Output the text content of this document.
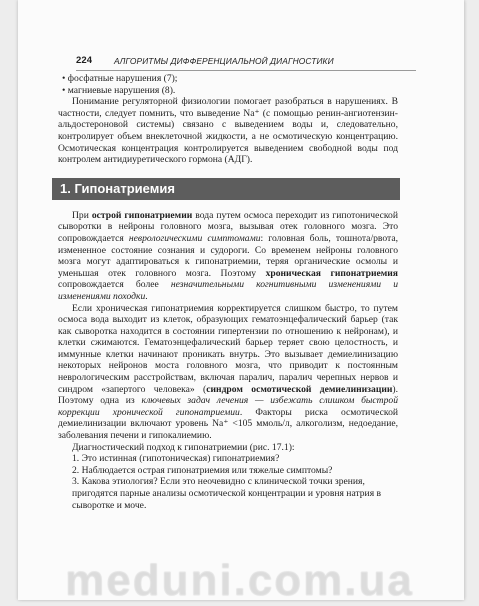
224	АЛГОРИТМЫ ДИФФЕРЕНЦИАЛЬНОЙ ДИАГНОСТИКИ

• фосфатные нарушения (7);

• магниевые нарушения (8).

Понимание регуляторной физиологии помогает разобраться в нарушениях. В частности, следует помнить, что выведение Na⁺ (с помощью ренин-ангиотензин-альдостероновой системы) связано с выведением воды и, следовательно, контролирует объем внеклеточной жидкости, а не осмотическую концентрацию. Осмотическая концентрация контролируется выведением свободной воды под контролем антидиуретического гормона (АДГ).

1. Гипонатриемия

При острой гипонатриемии вода путем осмоса переходит из гипотонической сыворотки в нейроны головного мозга, вызывая отек головного мозга. Это сопровождается неврологическими симптомами: головная боль, тошнота/рвота, измененное состояние сознания и судороги. Со временем нейроны головного мозга могут адаптироваться к гипонатриемии, теряя органические осмолы и уменьшая отек головного мозга. Поэтому хроническая гипонатриемия сопровождается более незначительными когнитивными изменениями и изменениями походки.

Если хроническая гипонатриемия корректируется слишком быстро, то путем осмоса вода выходит из клеток, образующих гематоэнцефалический барьер (так как сыворотка находится в состоянии гипертензии по отношению к нейронам), и клетки сжимаются. Гематоэнцефалический барьер теряет свою целостность, и иммунные клетки начинают проникать внутрь. Это вызывает демиелинизацию некоторых нейронов моста головного мозга, что приводит к постоянным неврологическим расстройствам, включая паралич, паралич черепных нервов и синдром «запертого человека» (синдром осмотической демиелинизации). Поэтому одна из ключевых задач лечения — избежать слишком быстрой коррекции хронической гипонатриемии. Факторы риска осмотической демиелинизации включают уровень Na⁺ <105 ммоль/л, алкоголизм, недоедание, заболевания печени и гипокалиемию.

Диагностический подход к гипонатриемии (рис. 17.1):

1. Это истинная (гипотоническая) гипонатриемия?

2. Наблюдается острая гипонатриемия или тяжелые симптомы?

3. Какова этиология? Если это неочевидно с клинической точки зрения, пригодятся парные анализы осмотической концентрации и уровня натрия в сыворотке и моче.

meduni.com.ua
